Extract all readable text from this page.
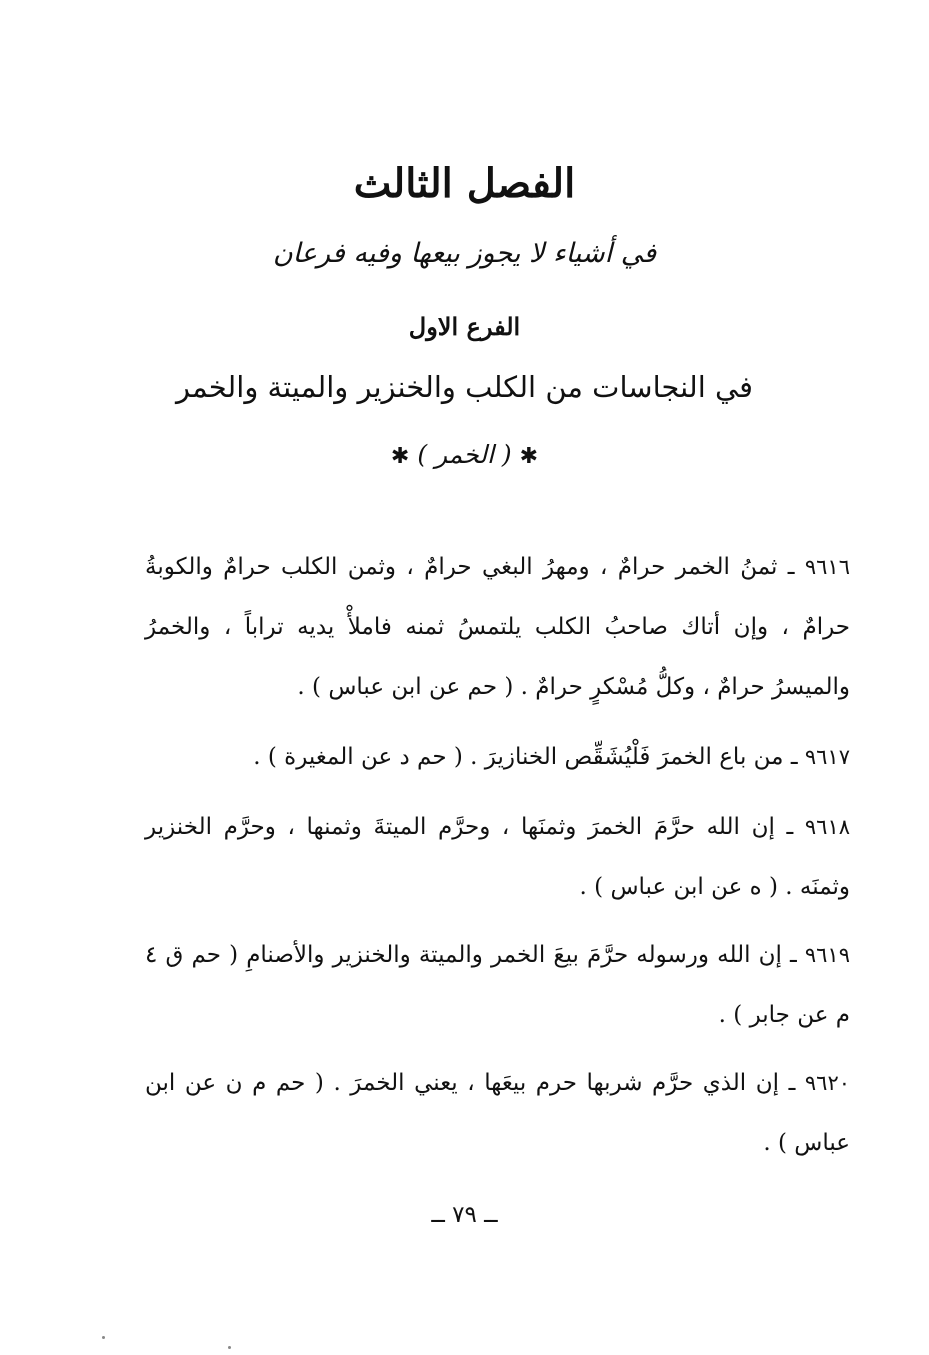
الفصل الثالث
في أشياء لا يجوز بيعها وفيه فرعان
الفرع الاول
في النجاسات من الكلب والخنزير والميتة والخمر
✱ ( الخمر ) ✱

٩٦١٦ ـ ثمنُ الخمر حرامٌ ، ومهرُ البغي حرامٌ ، وثمن الكلب حرامٌ والكوبةُ حرامٌ ، وإن أتاك صاحبُ الكلب يلتمسُ ثمنه فاملأْ يديه تراباً ، والخمرُ والميسرُ حرامٌ ، وكلُّ مُسْكرٍ حرامٌ . ( حم عن ابن عباس ) .

٩٦١٧ ـ من باع الخمرَ فَلْيُشَقِّص الخنازيرَ . ( حم د عن المغيرة ) .

٩٦١٨ ـ إن الله حرَّمَ الخمرَ وثمنَها ، وحرَّم الميتةَ وثمنها ، وحرَّم الخنزير وثمنَه . ( ه عن ابن عباس ) .

٩٦١٩ ـ إن الله ورسوله حرَّمَ بيعَ الخمر والميتة والخنزير والأصنامِ ( حم ق ٤ م عن جابر ) .

٩٦٢٠ ـ إن الذي حرَّم شربها حرم بيعَها ، يعني الخمرَ . ( حم م ن عن ابن عباس ) .

ــ ٧٩ ــ
